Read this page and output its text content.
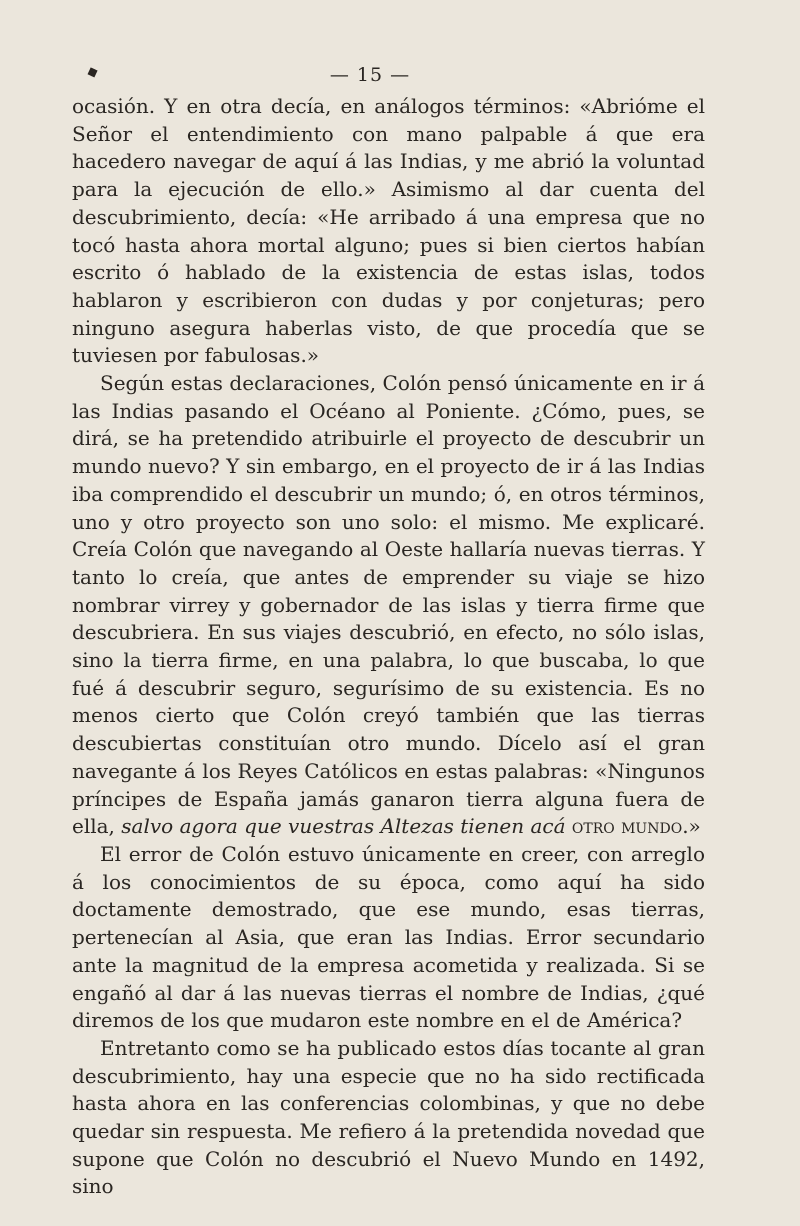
◆	— 15 —

ocasión. Y en otra decía, en análogos términos: «Abrióme el Señor el entendimiento con mano palpable á que era hacedero navegar de aquí á las Indias, y me abrió la voluntad para la ejecución de ello.» Asimismo al dar cuenta del descubrimiento, decía: «He arribado á una empresa que no tocó hasta ahora mortal alguno; pues si bien ciertos habían escrito ó hablado de la existencia de estas islas, todos hablaron y escribieron con dudas y por conjeturas; pero ninguno asegura haberlas visto, de que procedía que se tuviesen por fabulosas.»

Según estas declaraciones, Colón pensó únicamente en ir á las Indias pasando el Océano al Poniente. ¿Cómo, pues, se dirá, se ha pretendido atribuirle el proyecto de descubrir un mundo nuevo? Y sin embargo, en el proyecto de ir á las Indias iba comprendido el descubrir un mundo; ó, en otros términos, uno y otro proyecto son uno solo: el mismo. Me explicaré. Creía Colón que navegando al Oeste hallaría nuevas tierras. Y tanto lo creía, que antes de emprender su viaje se hizo nombrar virrey y gobernador de las islas y tierra firme que descubriera. En sus viajes descubrió, en efecto, no sólo islas, sino la tierra firme, en una palabra, lo que buscaba, lo que fué á descubrir seguro, segurísimo de su existencia. Es no menos cierto que Colón creyó también que las tierras descubiertas constituían otro mundo. Dícelo así el gran navegante á los Reyes Católicos en estas palabras: «Ningunos príncipes de España jamás ganaron tierra alguna fuera de ella, salvo agora que vuestras Altezas tienen acá otro mundo.»

El error de Colón estuvo únicamente en creer, con arreglo á los conocimientos de su época, como aquí ha sido doctamente demostrado, que ese mundo, esas tierras, pertenecían al Asia, que eran las Indias. Error secundario ante la magnitud de la empresa acometida y realizada. Si se engañó al dar á las nuevas tierras el nombre de Indias, ¿qué diremos de los que mudaron este nombre en el de América?

Entretanto como se ha publicado estos días tocante al gran descubrimiento, hay una especie que no ha sido rectificada hasta ahora en las conferencias colombinas, y que no debe quedar sin respuesta. Me refiero á la pretendida novedad que supone que Colón no descubrió el Nuevo Mundo en 1492, sino
